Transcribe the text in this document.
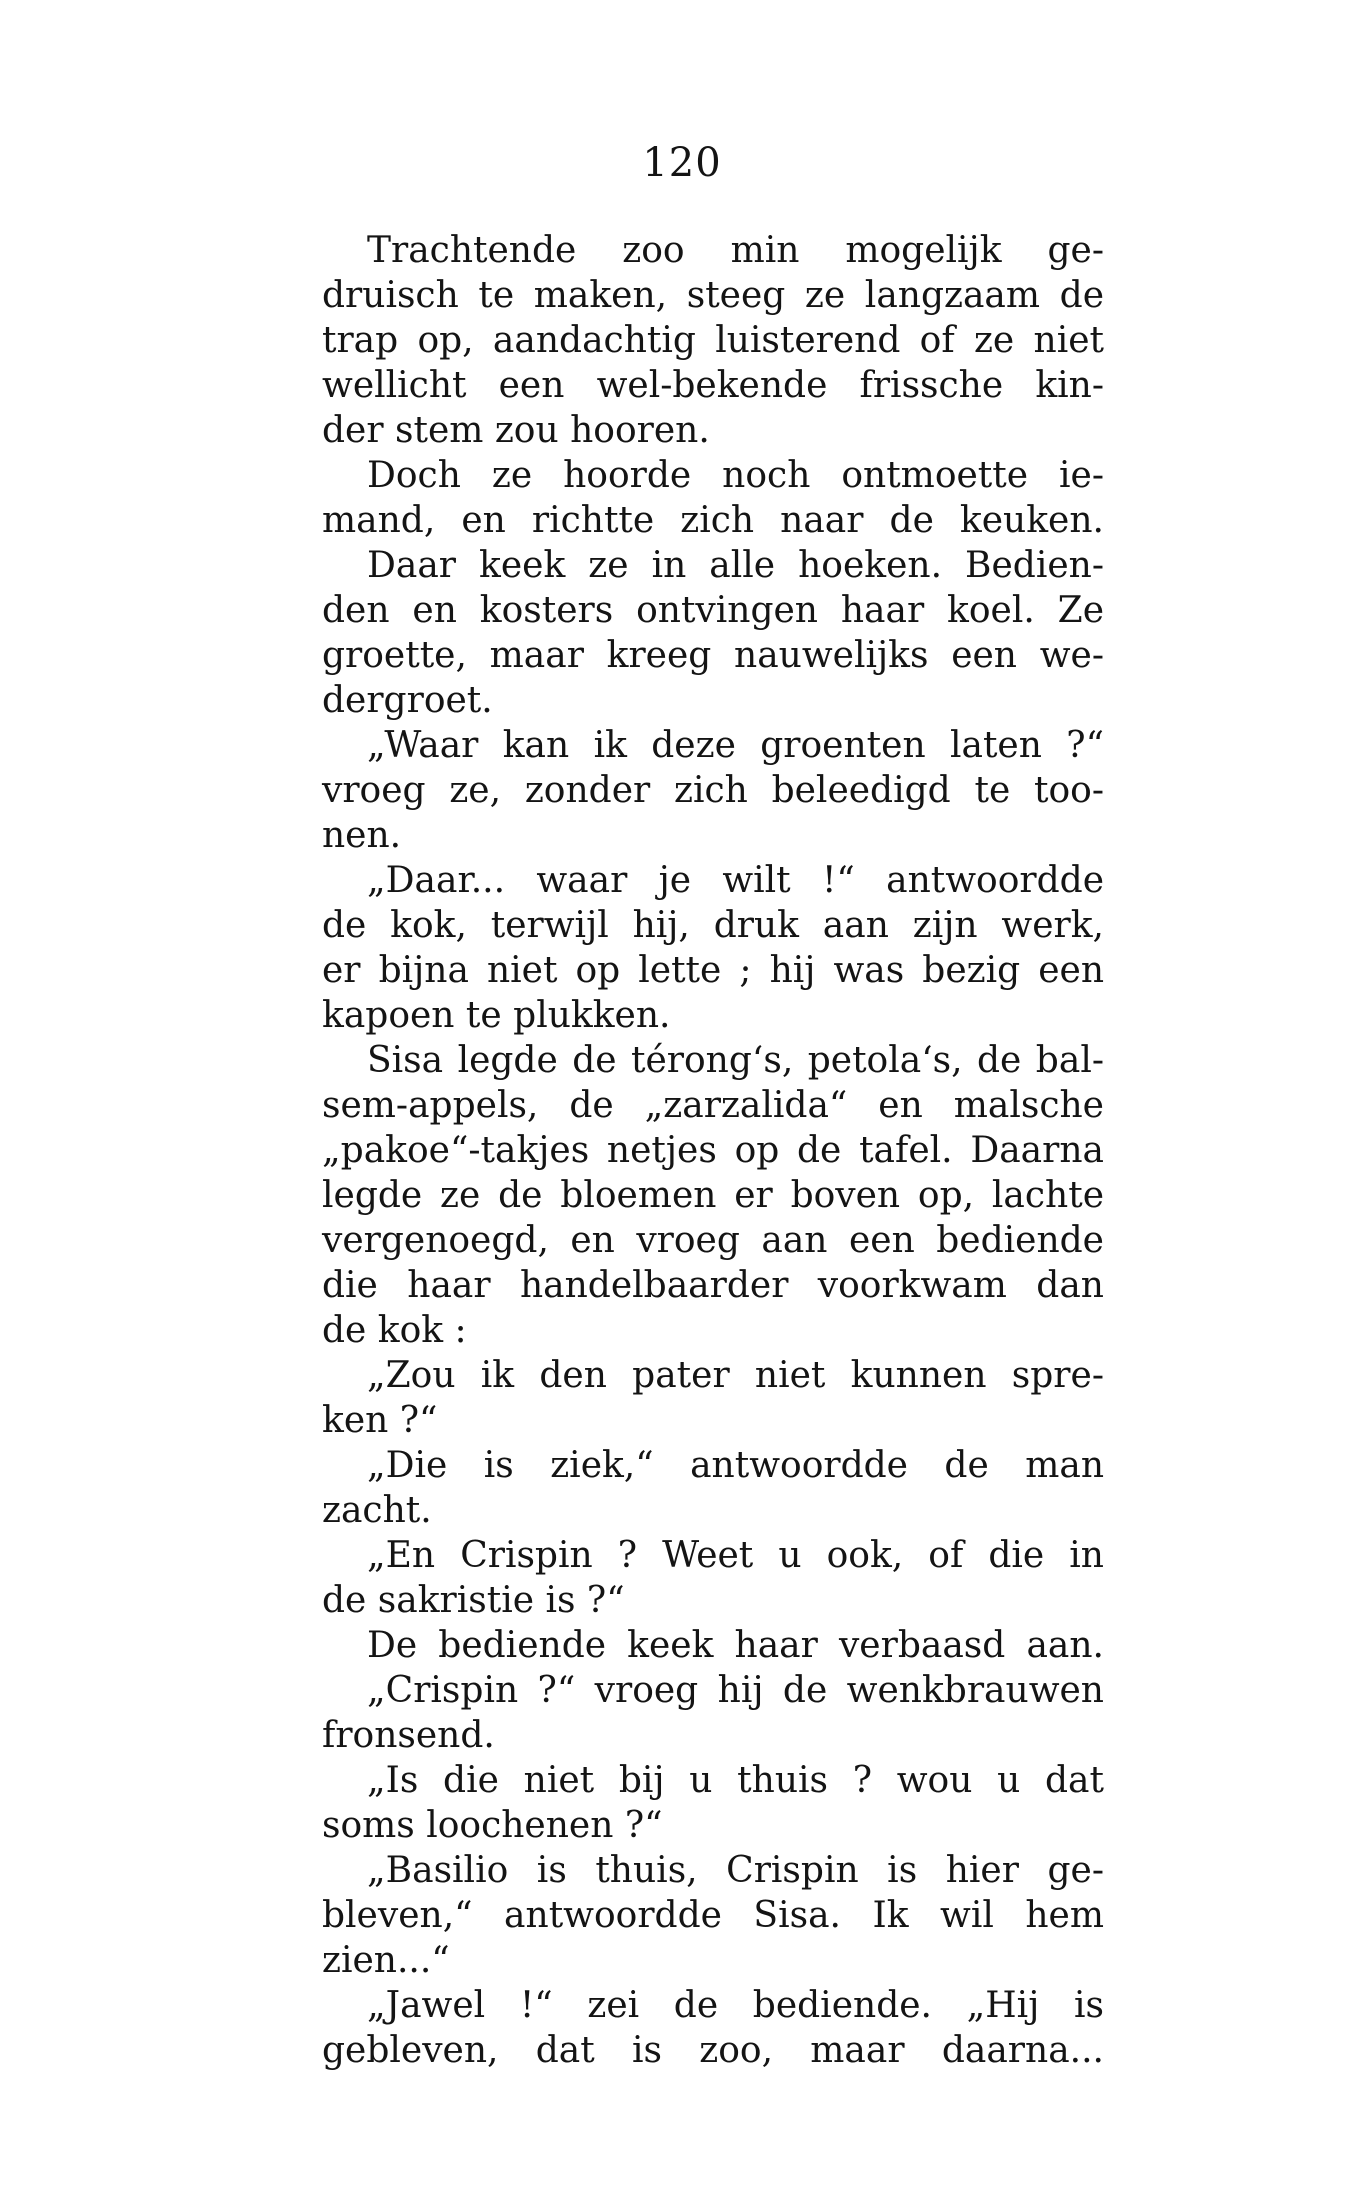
120
Trachtende zoo min mogelijk ge-
druisch te maken, steeg ze langzaam de
trap op, aandachtig luisterend of ze niet
wellicht een wel-bekende frissche kin-
der stem zou hooren.
Doch ze hoorde noch ontmoette ie-
mand, en richtte zich naar de keuken.
Daar keek ze in alle hoeken. Bedien-
den en kosters ontvingen haar koel. Ze
groette, maar kreeg nauwelijks een we-
dergroet.
„Waar kan ik deze groenten laten ?“
vroeg ze, zonder zich beleedigd te too-
nen.
„Daar... waar je wilt !“ antwoordde
de kok, terwijl hij, druk aan zijn werk,
er bijna niet op lette ; hij was bezig een
kapoen te plukken.
Sisa legde de térong‘s, petola‘s, de bal-
sem-appels, de „zarzalida“ en malsche
„pakoe“-takjes netjes op de tafel. Daarna
legde ze de bloemen er boven op, lachte
vergenoegd, en vroeg aan een bediende
die haar handelbaarder voorkwam dan
de kok :
„Zou ik den pater niet kunnen spre-
ken ?“
„Die is ziek,“ antwoordde de man
zacht.
„En Crispin ? Weet u ook, of die in
de sakristie is ?“
De bediende keek haar verbaasd aan.
„Crispin ?“ vroeg hij de wenkbrauwen
fronsend.
„Is die niet bij u thuis ? wou u dat
soms loochenen ?“
„Basilio is thuis, Crispin is hier ge-
bleven,“ antwoordde Sisa. Ik wil hem
zien...“
„Jawel !“ zei de bediende. „Hij is
gebleven, dat is zoo, maar daarna...
